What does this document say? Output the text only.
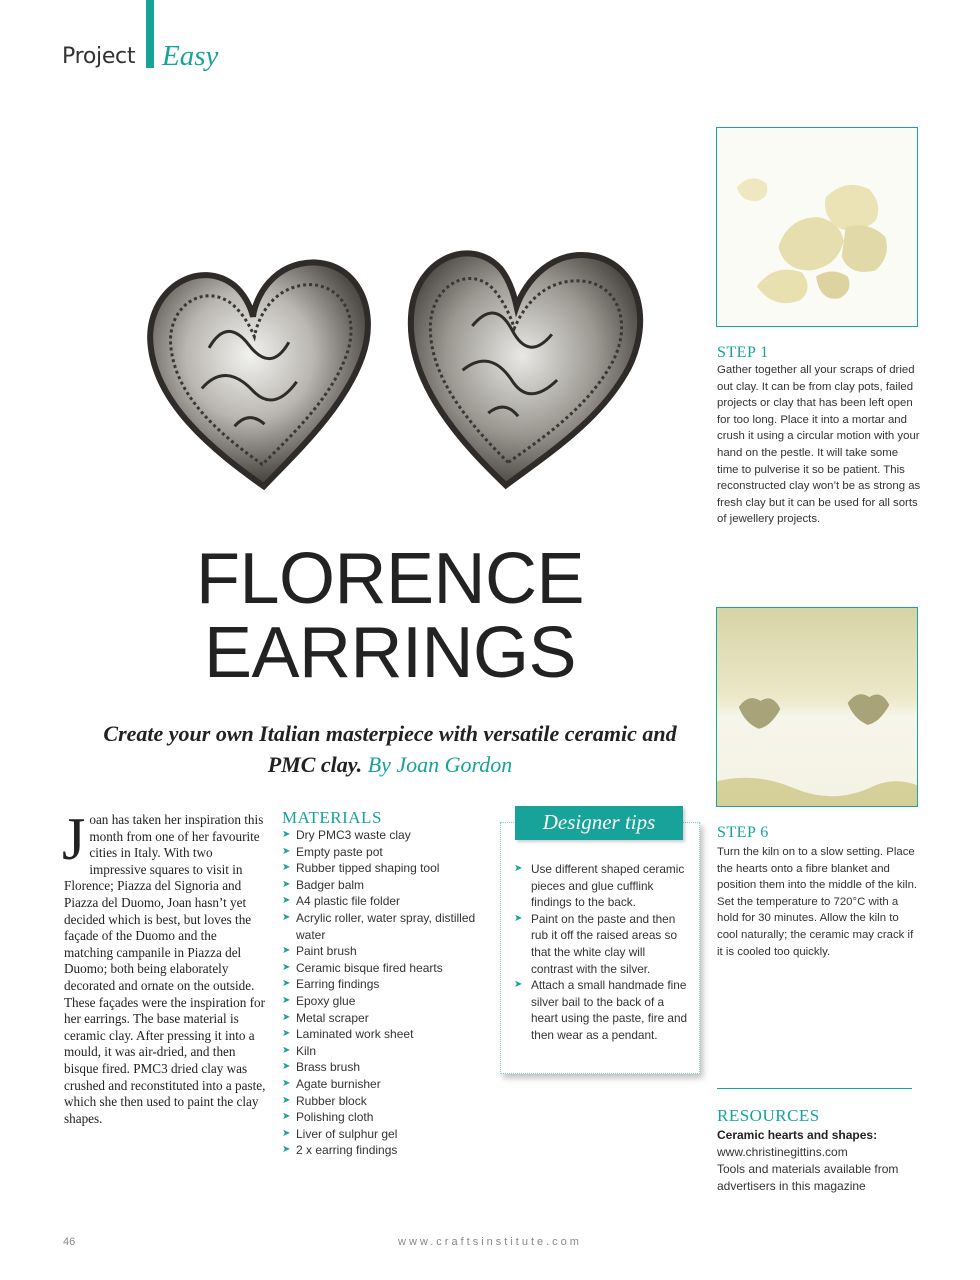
Project Easy
STEP 1
Gather together all your scraps of dried out clay. It can be from clay pots, failed projects or clay that has been left open for too long. Place it into a mortar and crush it using a circular motion with your hand on the pestle. It will take some time to pulverise it so be patient. This reconstructed clay won’t be as strong as fresh clay but it can be used for all sorts of jewellery projects.
STEP 6
Turn the kiln on to a slow setting. Place the hearts onto a fibre blanket and position them into the middle of the kiln. Set the temperature to 720°C with a hold for 30 minutes. Allow the kiln to cool naturally; the ceramic may crack if it is cooled too quickly.
FLORENCE
EARRINGS

Create your own Italian masterpiece with versatile ceramic and PMC clay. By Joan Gordon

Joan has taken her inspiration this month from one of her favourite cities in Italy. With two impressive squares to visit in Florence; Piazza del Signoria and Piazza del Duomo, Joan hasn’t yet decided which is best, but loves the façade of the Duomo and the matching campanile in Piazza del Duomo; both being elaborately decorated and ornate on the outside. These façades were the inspiration for her earrings. The base material is ceramic clay. After pressing it into a mould, it was air-dried, and then bisque fired. PMC3 dried clay was crushed and reconstituted into a paste, which she then used to paint the clay shapes.
MATERIALS
➤ Dry PMC3 waste clay
➤ Empty paste pot
➤ Rubber tipped shaping tool
➤ Badger balm
➤ A4 plastic file folder
➤ Acrylic roller, water spray, distilled water
➤ Paint brush
➤ Ceramic bisque fired hearts
➤ Earring findings
➤ Epoxy glue
➤ Metal scraper
➤ Laminated work sheet
➤ Kiln
➤ Brass brush
➤ Agate burnisher
➤ Rubber block
➤ Polishing cloth
➤ Liver of sulphur gel
➤ 2 x earring findings
Designer tips
➤ Use different shaped ceramic pieces and glue cufflink findings to the back.
➤ Paint on the paste and then rub it off the raised areas so that the white clay will contrast with the silver.
➤ Attach a small handmade fine silver bail to the back of a heart using the paste, fire and then wear as a pendant.
RESOURCES
Ceramic hearts and shapes:
www.christinegittins.com
Tools and materials available from advertisers in this magazine
46	www.craftsinstitute.com
